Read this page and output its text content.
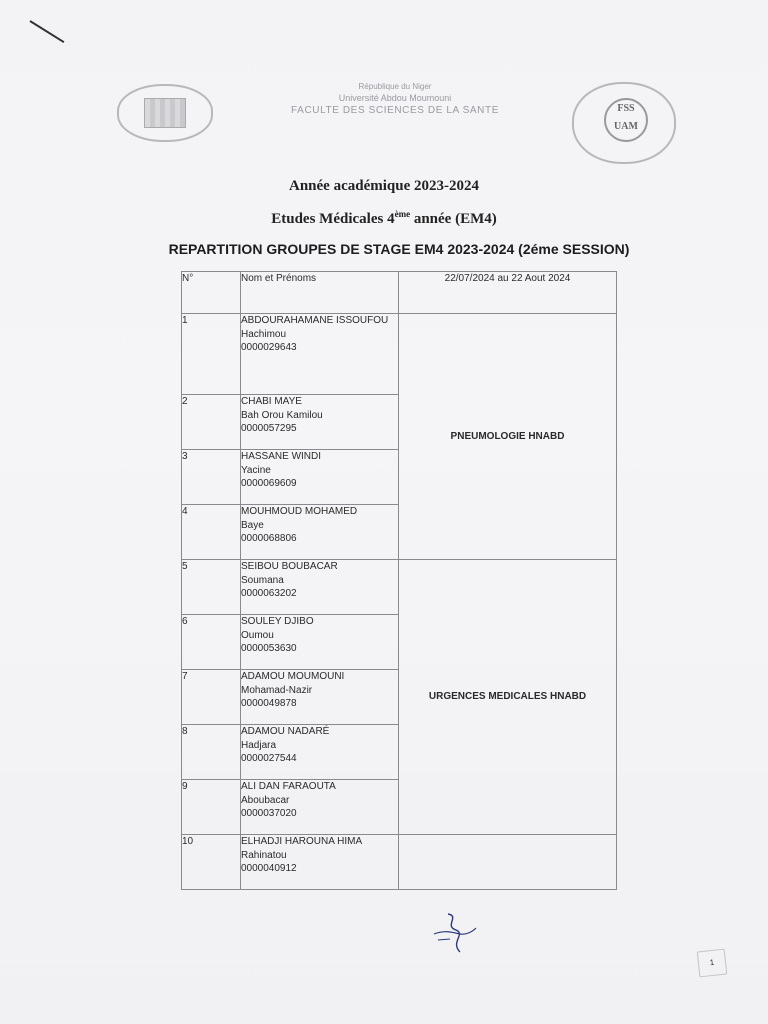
République du Niger
Université Abdou Moumouni
FACULTE DES SCIENCES DE LA SANTE	FSS UAM
Année académique 2023-2024
Etudes Médicales 4ème année (EM4)
REPARTITION GROUPES DE STAGE EM4 2023-2024 (2éme SESSION)
N°	Nom et Prénoms	22/07/2024 au 22 Aout 2024
1	ABDOURAHAMANE ISSOUFOU
Hachimou
0000029643	PNEUMOLOGIE HNABD
2	CHABI MAYE
Bah Orou Kamilou
0000057295	

3	HASSANE WINDI
Yacine
0000069609	

4	MOUHMOUD MOHAMED
Baye
0000068806	

5	SEIBOU BOUBACAR
Soumana
0000063202	URGENCES MEDICALES HNABD
6	SOULEY DJIBO
Oumou
0000053630	

7	ADAMOU MOUMOUNI
Mohamad-Nazir
0000049878	

8	ADAMOU NADARÉ
Hadjara
0000027544	

9	ALI DAN FARAOUTA
Aboubacar
0000037020	

10	ELHADJI HAROUNA HIMA
Rahinatou
0000040912	

1
